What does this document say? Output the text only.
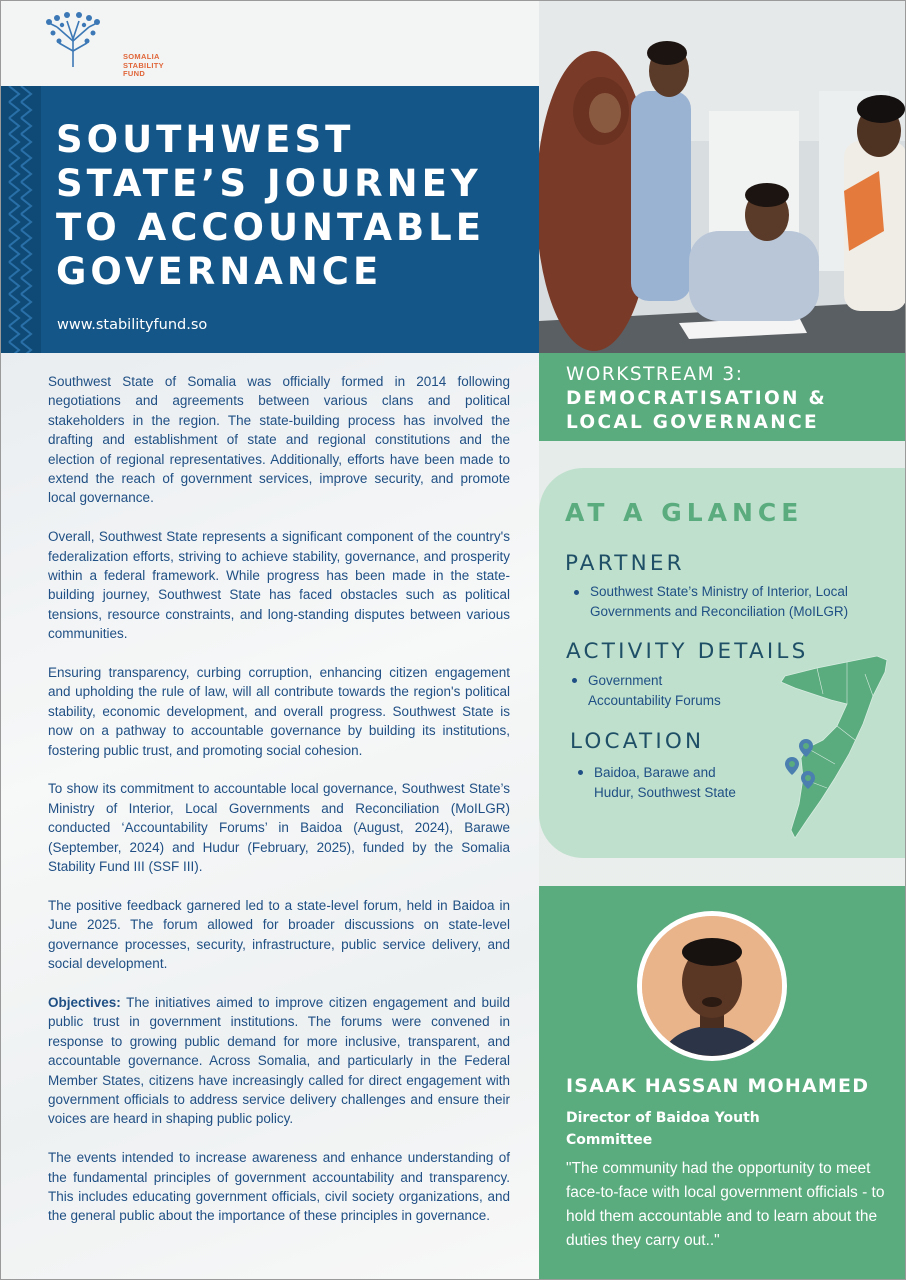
SOMALIA
STABILITY
FUND
SOUTHWEST
STATE’S JOURNEY
TO ACCOUNTABLE
GOVERNANCE
www.stabilityfund.so
WORKSTREAM 3:
DEMOCRATISATION &
LOCAL GOVERNANCE
AT A GLANCE
PARTNER
Southwest State’s Ministry of Interior, Local
Governments and Reconciliation (MoILGR)
ACTIVITY DETAILS
Government
Accountability Forums
LOCATION
Baidoa, Barawe and
Hudur, Southwest State
ISAAK HASSAN MOHAMED
Director of Baidoa Youth
Committee
"The community had the opportunity to meet face-to-face with local government officials - to hold them accountable and to learn about the duties they carry out.."

Southwest State of Somalia was officially formed in 2014 following negotiations and agreements between various clans and political stakeholders in the region. The state-building process has involved the drafting and establishment of state and regional constitutions and the election of regional representatives. Additionally, efforts have been made to extend the reach of government services, improve security, and promote local governance.

Overall, Southwest State represents a significant component of the country's federalization efforts, striving to achieve stability, governance, and prosperity within a federal framework. While progress has been made in the state-building journey, Southwest State has faced obstacles such as political tensions, resource constraints, and long-standing disputes between various communities.

Ensuring transparency, curbing corruption, enhancing citizen engagement and upholding the rule of law, will all contribute towards the region's political stability, economic development, and overall progress. Southwest State is now on a pathway to accountable governance by building its institutions, fostering public trust, and promoting social cohesion.

To show its commitment to accountable local governance, Southwest State’s Ministry of Interior, Local Governments and Reconciliation (MoILGR) conducted ‘Accountability Forums’ in Baidoa (August, 2024), Barawe (September, 2024) and Hudur (February, 2025), funded by the Somalia Stability Fund III (SSF III).

The positive feedback garnered led to a state-level forum, held in Baidoa in June 2025. The forum allowed for broader discussions on state-level governance processes, security, infrastructure, public service delivery, and social development.

Objectives: The initiatives aimed to improve citizen engagement and build public trust in government institutions. The forums were convened in response to growing public demand for more inclusive, transparent, and accountable governance. Across Somalia, and particularly in the Federal Member States, citizens have increasingly called for direct engagement with government officials to address service delivery challenges and ensure their voices are heard in shaping public policy.

The events intended to increase awareness and enhance understanding of the fundamental principles of government accountability and transparency. This includes educating government officials, civil society organizations, and the general public about the importance of these principles in governance.
